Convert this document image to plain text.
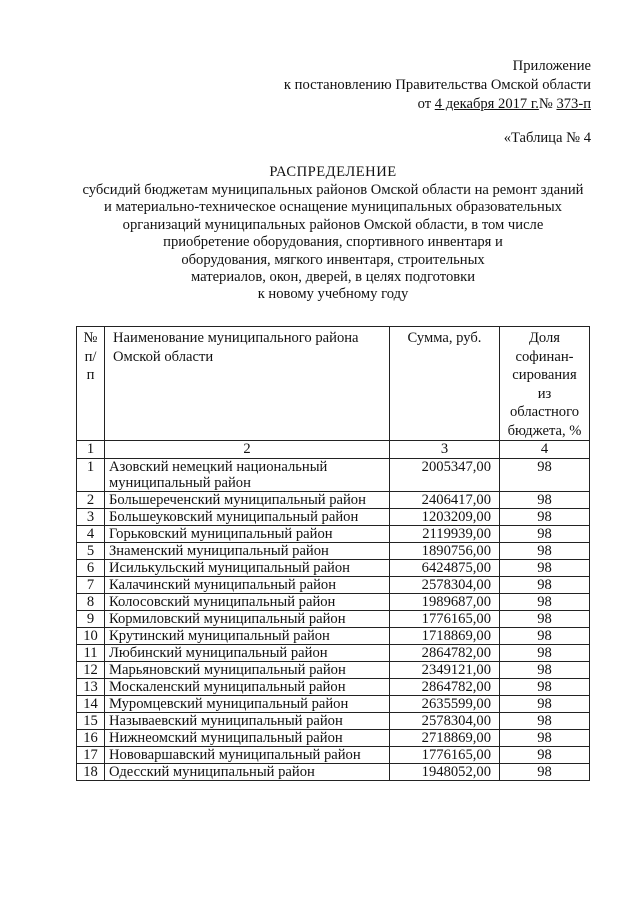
Приложение
к постановлению Правительства Омской области
от 4 декабря 2017 г.№ 373-п
«Таблица № 4
РАСПРЕДЕЛЕНИЕ
субсидий бюджетам муниципальных районов Омской области на ремонт зданий
и материально-техническое оснащение муниципальных образовательных
организаций муниципальных районов Омской области, в том числе
приобретение оборудования, спортивного инвентаря и
оборудования, мягкого инвентаря, строительных
материалов, окон, дверей, в целях подготовки
к новому учебному году
№ п/п	Наименование муниципального района Омской области	Сумма, руб.	Доля софинан-сирования из областного бюджета, %
1	2	3	4
1	Азовский немецкий национальный муниципальный район	2005347,00	98
2	Большереченский муниципальный район	2406417,00	98
3	Большеуковский муниципальный район	1203209,00	98
4	Горьковский муниципальный район	2119939,00	98
5	Знаменский муниципальный район	1890756,00	98
6	Исилькульский муниципальный район	6424875,00	98
7	Калачинский муниципальный район	2578304,00	98
8	Колосовский муниципальный район	1989687,00	98
9	Кормиловский муниципальный район	1776165,00	98
10	Крутинский муниципальный район	1718869,00	98
11	Любинский муниципальный район	2864782,00	98
12	Марьяновский муниципальный район	2349121,00	98
13	Москаленский муниципальный район	2864782,00	98
14	Муромцевский муниципальный район	2635599,00	98
15	Называевский муниципальный район	2578304,00	98
16	Нижнеомский муниципальный район	2718869,00	98
17	Нововаршавский муниципальный район	1776165,00	98
18	Одесский муниципальный район	1948052,00	98
